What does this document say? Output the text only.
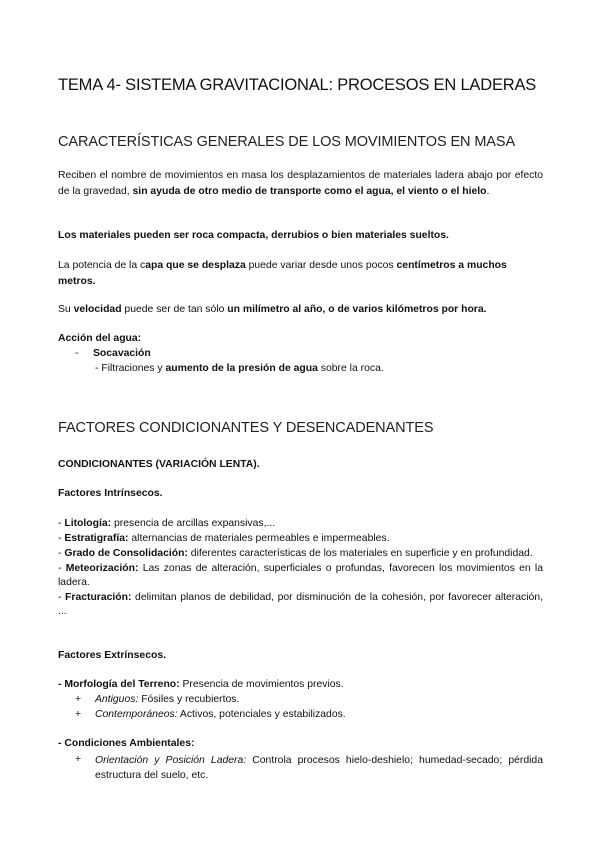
TEMA 4- SISTEMA GRAVITACIONAL: PROCESOS EN LADERAS
CARACTERÍSTICAS GENERALES DE LOS MOVIMIENTOS EN MASA
Reciben el nombre de movimientos en masa los desplazamientos de materiales ladera abajo por efecto de la gravedad, sin ayuda de otro medio de transporte como el agua, el viento o el hielo.
Los materiales pueden ser roca compacta, derrubios o bien materiales sueltos.
La potencia de la capa que se desplaza puede variar desde unos pocos centímetros a muchos metros.
Su velocidad puede ser de tan sólo un milímetro al año, o de varios kilómetros por hora.
Acción del agua:
- Socavación
- Filtraciones y aumento de la presión de agua sobre la roca.
FACTORES CONDICIONANTES Y DESENCADENANTES
CONDICIONANTES (VARIACIÓN LENTA).
Factores Intrínsecos.
- Litología: presencia de arcillas expansivas,...
- Estratigrafía: alternancias de materiales permeables e impermeables.
- Grado de Consolidación: diferentes características de los materiales en superficie y en profundidad.
- Meteorización: Las zonas de alteración, superficiales o profundas, favorecen los movimientos en la ladera.
- Fracturación: delimitan planos de debilidad, por disminución de la cohesión, por favorecer alteración, ...
Factores Extrínsecos.
- Morfología del Terreno: Presencia de movimientos previos.
+ Antiguos: Fósiles y recubiertos.
+ Contemporáneos: Activos, potenciales y estabilizados.
- Condiciones Ambientales:
+ Orientación y Posición Ladera: Controla procesos hielo-deshielo; humedad-secado; pérdida estructura del suelo, etc.
